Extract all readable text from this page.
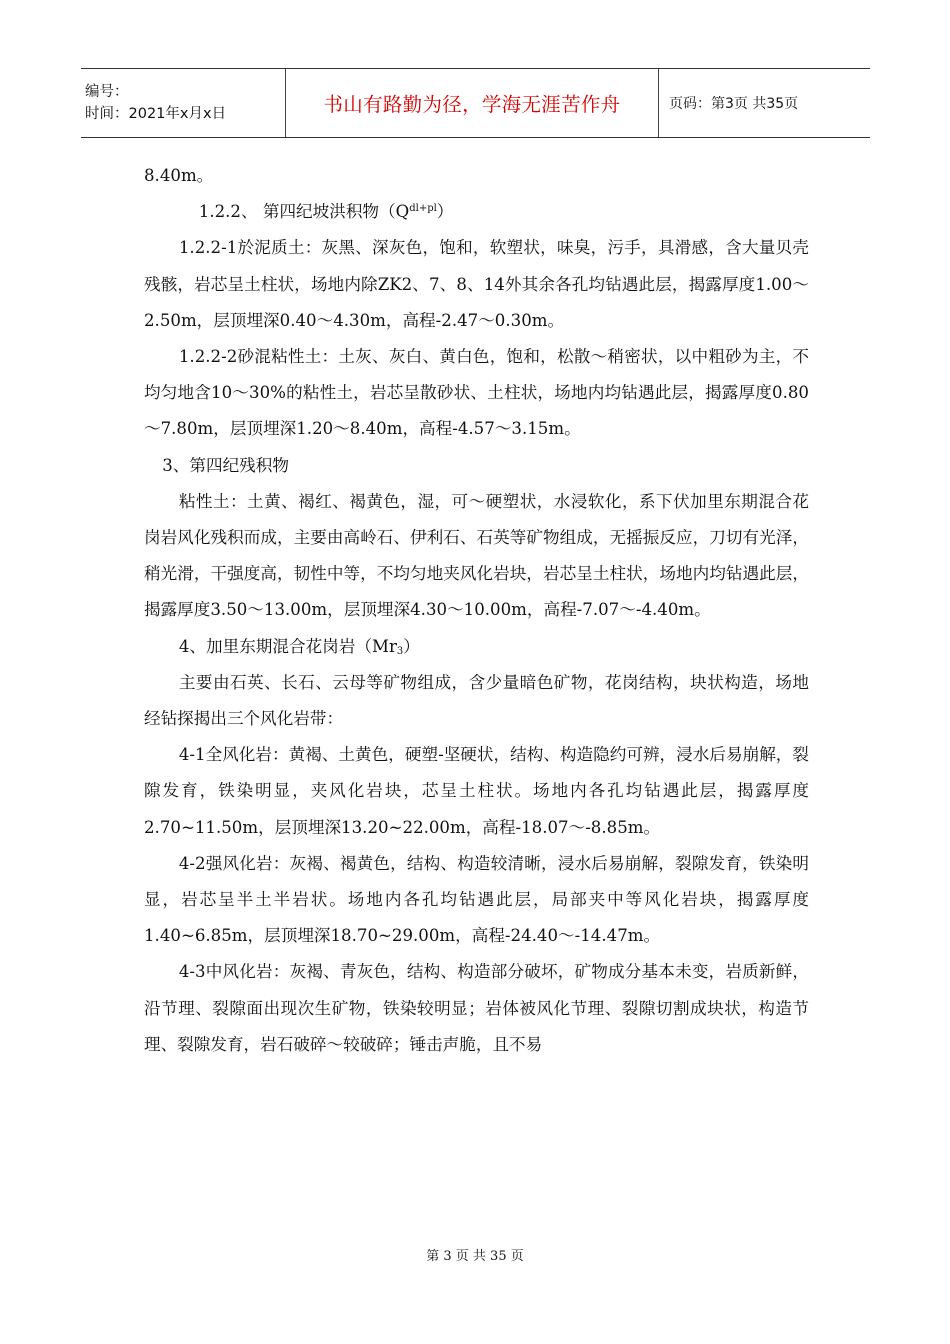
编号：
时间：2021年x月x日	书山有路勤为径，学海无涯苦作舟	页码：第3页 共35页

8.40m。

1.2.2、 第四纪坡洪积物$(Q^{dl+pl})$

1.2.2-1於泥质土：灰黑、深灰色，饱和，软塑状，味臭，污手，具滑感，含大量贝壳残骸，岩芯呈土柱状，场地内除ZK2、7、8、14外其余各孔均钻遇此层，揭露厚度1.00～2.50m，层顶埋深0.40～4.30m，高程-2.47～0.30m。

1.2.2-2砂混粘性土：土灰、灰白、黄白色，饱和，松散～稍密状，以中粗砂为主，不均匀地含10～30%的粘性土，岩芯呈散砂状、土柱状，场地内均钻遇此层，揭露厚度0.80～7.80m，层顶埋深1.20～8.40m，高程-4.57～3.15m。

3、第四纪残积物

粘性土：土黄、褐红、褐黄色，湿，可～硬塑状，水浸软化，系下伏加里东期混合花岗岩风化残积而成，主要由高岭石、伊利石、石英等矿物组成，无摇振反应，刀切有光泽，稍光滑，干强度高，韧性中等，不均匀地夹风化岩块，岩芯呈土柱状，场地内均钻遇此层，揭露厚度3.50～13.00m，层顶埋深4.30～10.00m，高程-7.07～-4.40m。

4、加里东期混合花岗岩$(Mr_3)$

主要由石英、长石、云母等矿物组成，含少量暗色矿物，花岗结构，块状构造，场地经钻探揭出三个风化岩带：

4-1全风化岩：黄褐、土黄色，硬塑-坚硬状，结构、构造隐约可辨，浸水后易崩解，裂隙发育，铁染明显，夹风化岩块，芯呈土柱状。场地内各孔均钻遇此层，揭露厚度2.70~11.50m，层顶埋深13.20~22.00m，高程-18.07～-8.85m。

4-2强风化岩：灰褐、褐黄色，结构、构造较清晰，浸水后易崩解，裂隙发育，铁染明显，岩芯呈半土半岩状。场地内各孔均钻遇此层，局部夹中等风化岩块，揭露厚度1.40~6.85m，层顶埋深18.70~29.00m，高程-24.40～-14.47m。

4-3中风化岩：灰褐、青灰色，结构、构造部分破坏，矿物成分基本未变，岩质新鲜，沿节理、裂隙面出现次生矿物，铁染较明显；岩体被风化节理、裂隙切割成块状，构造节理、裂隙发育，岩石破碎～较破碎；锤击声脆，且不易

第 3 页 共 35 页
